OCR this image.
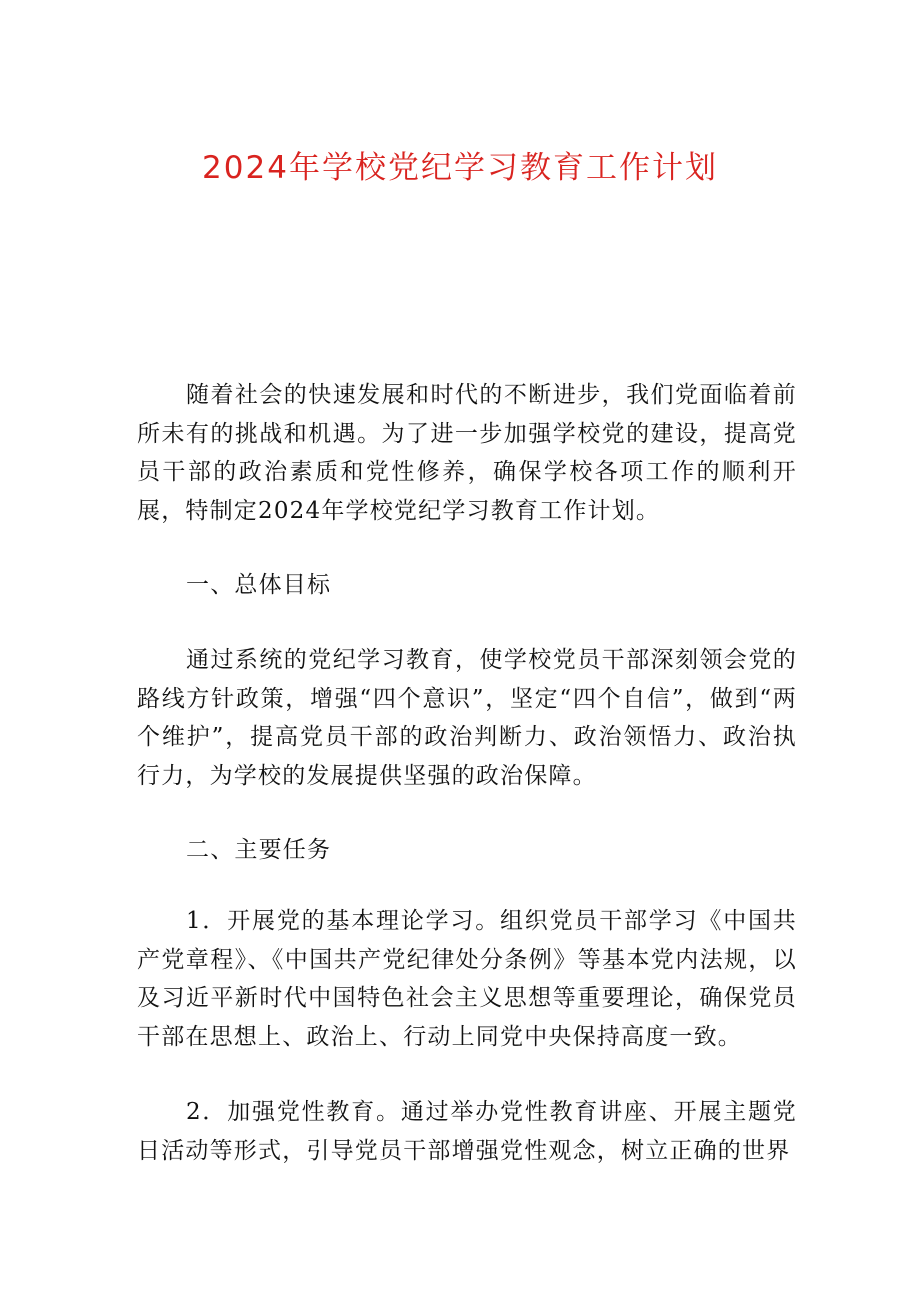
2024年学校党纪学习教育工作计划

随着社会的快速发展和时代的不断进步，我们党面临着前所未有的挑战和机遇。为了进一步加强学校党的建设，提高党员干部的政治素质和党性修养，确保学校各项工作的顺利开展，特制定2024年学校党纪学习教育工作计划。

一、总体目标

通过系统的党纪学习教育，使学校党员干部深刻领会党的路线方针政策，增强“四个意识”，坚定“四个自信”，做到“两个维护”，提高党员干部的政治判断力、政治领悟力、政治执行力，为学校的发展提供坚强的政治保障。

二、主要任务

1．开展党的基本理论学习。组织党员干部学习《中国共产党章程》、《中国共产党纪律处分条例》等基本党内法规，以及习近平新时代中国特色社会主义思想等重要理论，确保党员干部在思想上、政治上、行动上同党中央保持高度一致。

2．加强党性教育。通过举办党性教育讲座、开展主题党日活动等形式，引导党员干部增强党性观念，树立正确的世界
